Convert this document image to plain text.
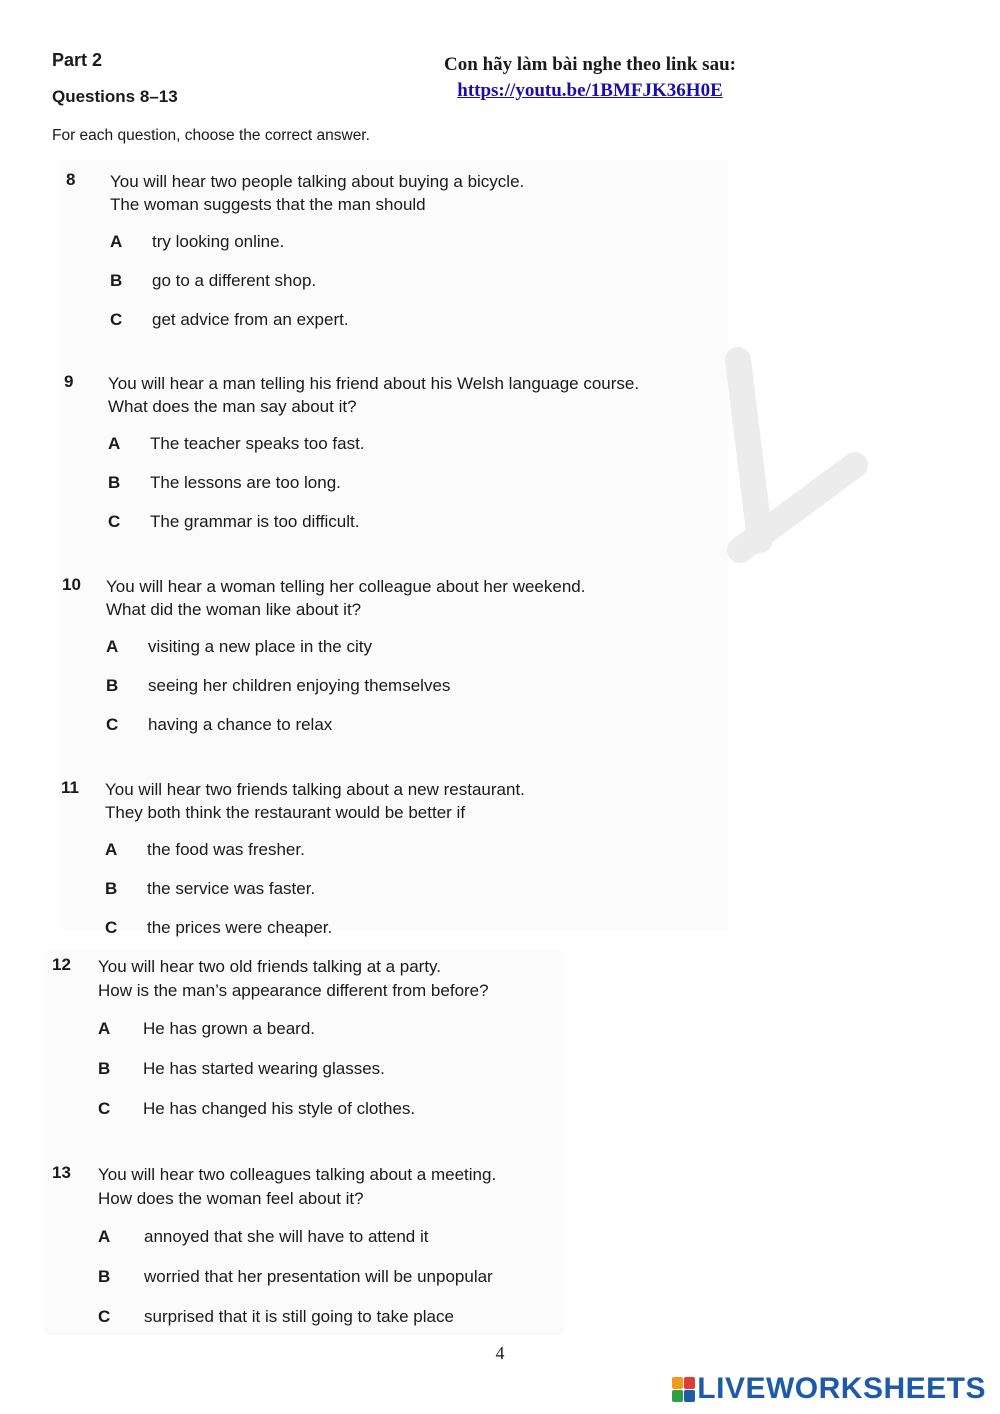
Part 2
Questions 8–13
For each question, choose the correct answer.
Con hãy làm bài nghe theo link sau:
https://youtu.be/1BMFJK36H0E
8 You will hear two people talking about buying a bicycle.
The woman suggests that the man should
A try looking online.
B go to a different shop.
C get advice from an expert.
9 You will hear a man telling his friend about his Welsh language course.
What does the man say about it?
A The teacher speaks too fast.
B The lessons are too long.
C The grammar is too difficult.
10 You will hear a woman telling her colleague about her weekend.
What did the woman like about it?
A visiting a new place in the city
B seeing her children enjoying themselves
C having a chance to relax
11 You will hear two friends talking about a new restaurant.
They both think the restaurant would be better if
A the food was fresher.
B the service was faster.
C the prices were cheaper.
12 You will hear two old friends talking at a party.
How is the man’s appearance different from before?
A He has grown a beard.
B He has started wearing glasses.
C He has changed his style of clothes.
13 You will hear two colleagues talking about a meeting.
How does the woman feel about it?
A annoyed that she will have to attend it
B worried that her presentation will be unpopular
C surprised that it is still going to take place
4
LIVEWORKSHEETS
